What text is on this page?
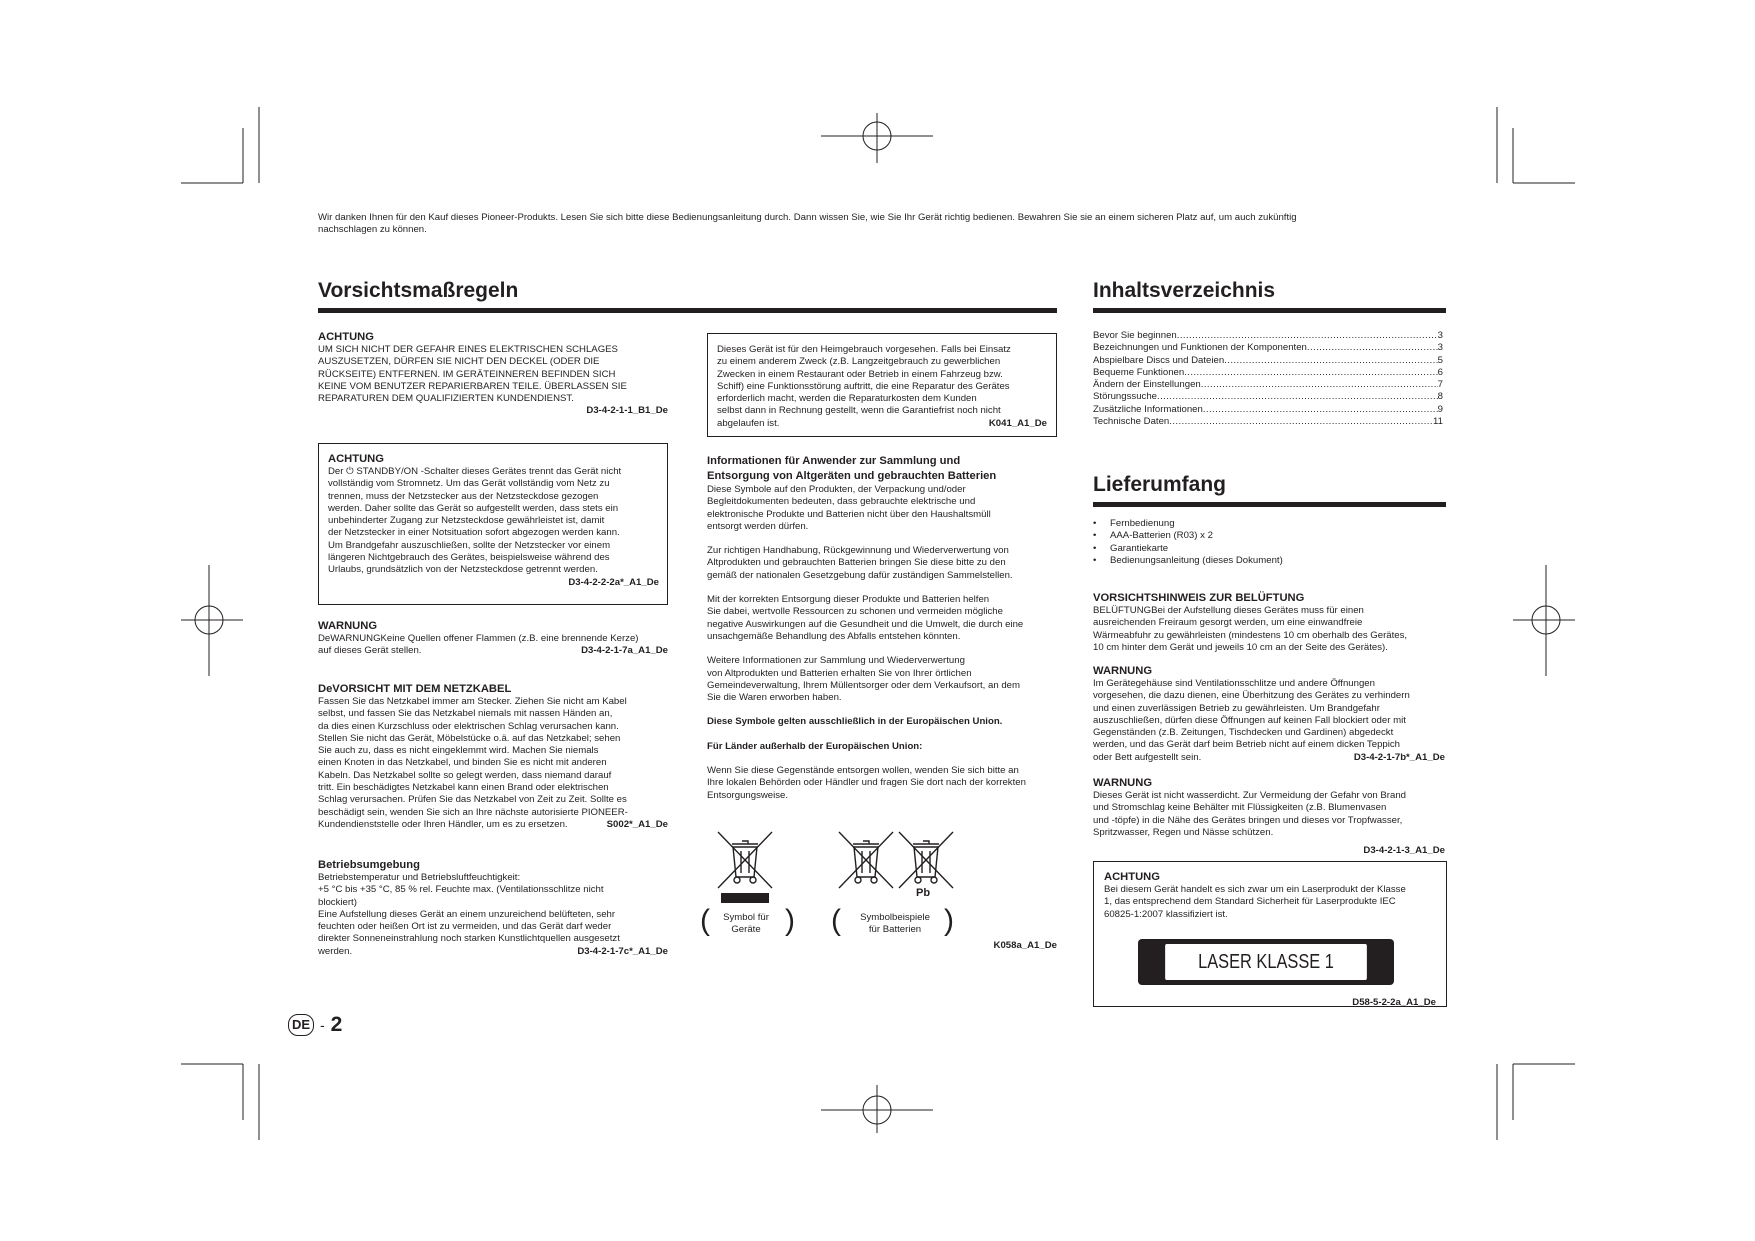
Wir danken Ihnen für den Kauf dieses Pioneer-Produkts. Lesen Sie sich bitte diese Bedienungsanleitung durch. Dann wissen Sie, wie Sie Ihr Gerät richtig bedienen. Bewahren Sie sie an einem sicheren Platz auf, um auch zukünftig
nachschlagen zu können.
Vorsichtsmaßregeln
ACHTUNG
UM SICH NICHT DER GEFAHR EINES ELEKTRISCHEN SCHLAGES
AUSZUSETZEN, DÜRFEN SIE NICHT DEN DECKEL (ODER DIE
RÜCKSEITE) ENTFERNEN. IM GERÄTEINNEREN BEFINDEN SICH
KEINE VOM BENUTZER REPARIERBAREN TEILE. ÜBERLASSEN SIE
REPARATUREN DEM QUALIFIZIERTEN KUNDENDIENST.
D3-4-2-1-1_B1_De
ACHTUNG
Der ⏻ STANDBY/ON -Schalter dieses Gerätes trennt das Gerät nicht
vollständig vom Stromnetz. Um das Gerät vollständig vom Netz zu
trennen, muss der Netzstecker aus der Netzsteckdose gezogen
werden. Daher sollte das Gerät so aufgestellt werden, dass stets ein
unbehinderter Zugang zur Netzsteckdose gewährleistet ist, damit
der Netzstecker in einer Notsituation sofort abgezogen werden kann.
Um Brandgefahr auszuschließen, sollte der Netzstecker vor einem
längeren Nichtgebrauch des Gerätes, beispielsweise während des
Urlaubs, grundsätzlich von der Netzsteckdose getrennt werden.
D3-4-2-2-2a*_A1_De
WARNUNG
DeWARNUNGKeine Quellen offener Flammen (z.B. eine brennende Kerze)
auf dieses Gerät stellen.	D3-4-2-1-7a_A1_De
DeVORSICHT MIT DEM NETZKABEL
Fassen Sie das Netzkabel immer am Stecker. Ziehen Sie nicht am Kabel
selbst, und fassen Sie das Netzkabel niemals mit nassen Händen an,
da dies einen Kurzschluss oder elektrischen Schlag verursachen kann.
Stellen Sie nicht das Gerät, Möbelstücke o.ä. auf das Netzkabel; sehen
Sie auch zu, dass es nicht eingeklemmt wird. Machen Sie niemals
einen Knoten in das Netzkabel, und binden Sie es nicht mit anderen
Kabeln. Das Netzkabel sollte so gelegt werden, dass niemand darauf
tritt. Ein beschädigtes Netzkabel kann einen Brand oder elektrischen
Schlag verursachen. Prüfen Sie das Netzkabel von Zeit zu Zeit. Sollte es
beschädigt sein, wenden Sie sich an Ihre nächste autorisierte PIONEER-
Kundendienststelle oder Ihren Händler, um es zu ersetzen.	S002*_A1_De
Betriebsumgebung
Betriebstemperatur und Betriebsluftfeuchtigkeit:
+5 °C bis +35 °C, 85 % rel. Feuchte max. (Ventilationsschlitze nicht
blockiert)
Eine Aufstellung dieses Gerät an einem unzureichend belüfteten, sehr
feuchten oder heißen Ort ist zu vermeiden, und das Gerät darf weder
direkter Sonneneinstrahlung noch starken Kunstlichtquellen ausgesetzt
werden.	D3-4-2-1-7c*_A1_De
Dieses Gerät ist für den Heimgebrauch vorgesehen. Falls bei Einsatz
zu einem anderem Zweck (z.B. Langzeitgebrauch zu gewerblichen
Zwecken in einem Restaurant oder Betrieb in einem Fahrzeug bzw.
Schiff) eine Funktionsstörung auftritt, die eine Reparatur des Gerätes
erforderlich macht, werden die Reparaturkosten dem Kunden
selbst dann in Rechnung gestellt, wenn die Garantiefrist noch nicht
abgelaufen ist.	K041_A1_De
Informationen für Anwender zur Sammlung und
Entsorgung von Altgeräten und gebrauchten Batterien
Diese Symbole auf den Produkten, der Verpackung und/oder
Begleitdokumenten bedeuten, dass gebrauchte elektrische und
elektronische Produkte und Batterien nicht über den Haushaltsmüll
entsorgt werden dürfen.
Zur richtigen Handhabung, Rückgewinnung und Wiederverwertung von
Altprodukten und gebrauchten Batterien bringen Sie diese bitte zu den
gemäß der nationalen Gesetzgebung dafür zuständigen Sammelstellen.
Mit der korrekten Entsorgung dieser Produkte und Batterien helfen
Sie dabei, wertvolle Ressourcen zu schonen und vermeiden mögliche
negative Auswirkungen auf die Gesundheit und die Umwelt, die durch eine
unsachgemäße Behandlung des Abfalls entstehen könnten.
Weitere Informationen zur Sammlung und Wiederverwertung
von Altprodukten und Batterien erhalten Sie von Ihrer örtlichen
Gemeindeverwaltung, Ihrem Müllentsorger oder dem Verkaufsort, an dem
Sie die Waren erworben haben.
Diese Symbole gelten ausschließlich in der Europäischen Union.
Für Länder außerhalb der Europäischen Union:
Wenn Sie diese Gegenstände entsorgen wollen, wenden Sie sich bitte an
Ihre lokalen Behörden oder Händler und fragen Sie dort nach der korrekten
Entsorgungsweise.
Pb
(	Symbol für
Geräte ) (	Symbolbeispiele
für Batterien )
K058a_A1_De
Inhaltsverzeichnis
Bevor Sie beginnen .....	3
Bezeichnungen und Funktionen der Komponenten .....	3
Abspielbare Discs und Dateien .....	5
Bequeme Funktionen .....	6
Ändern der Einstellungen .....	7
Störungssuche .....	8
Zusätzliche Informationen .....	9
Technische Daten .....	11
Lieferumfang
• Fernbedienung
• AAA-Batterien (R03) x 2
• Garantiekarte
• Bedienungsanleitung (dieses Dokument)
VORSICHTSHINWEIS ZUR BELÜFTUNG
BELÜFTUNGBei der Aufstellung dieses Gerätes muss für einen
ausreichenden Freiraum gesorgt werden, um eine einwandfreie
Wärmeabfuhr zu gewährleisten (mindestens 10 cm oberhalb des Gerätes,
10 cm hinter dem Gerät und jeweils 10 cm an der Seite des Gerätes).
WARNUNG
Im Gerätegehäuse sind Ventilationsschlitze und andere Öffnungen
vorgesehen, die dazu dienen, eine Überhitzung des Gerätes zu verhindern
und einen zuverlässigen Betrieb zu gewährleisten. Um Brandgefahr
auszuschließen, dürfen diese Öffnungen auf keinen Fall blockiert oder mit
Gegenständen (z.B. Zeitungen, Tischdecken und Gardinen) abgedeckt
werden, und das Gerät darf beim Betrieb nicht auf einem dicken Teppich
oder Bett aufgestellt sein.	D3-4-2-1-7b*_A1_De
WARNUNG
Dieses Gerät ist nicht wasserdicht. Zur Vermeidung der Gefahr von Brand
und Stromschlag keine Behälter mit Flüssigkeiten (z.B. Blumenvasen
und -töpfe) in die Nähe des Gerätes bringen und dieses vor Tropfwasser,
Spritzwasser, Regen und Nässe schützen.
D3-4-2-1-3_A1_De
ACHTUNG
Bei diesem Gerät handelt es sich zwar um ein Laserprodukt der Klasse
1, das entsprechend dem Standard Sicherheit für Laserprodukte IEC
60825-1:2007 klassifiziert ist.
LASER KLASSE 1
D58-5-2-2a_A1_De
DE - 2
